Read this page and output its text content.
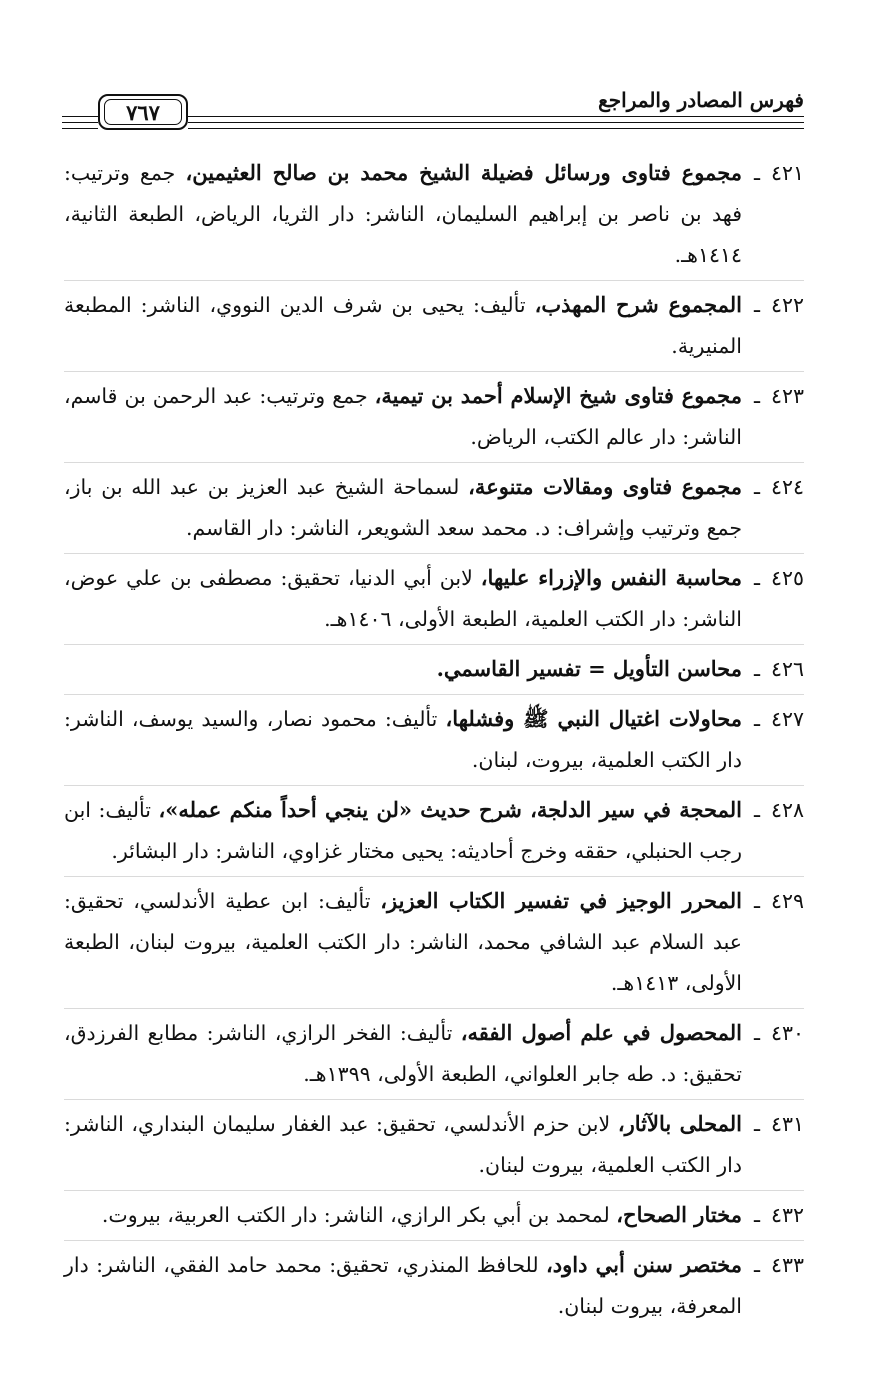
فهرس المصادر والمراجع
٧٦٧
٤٢١ـمجموع فتاوى ورسائل فضيلة الشيخ محمد بن صالح العثيمين، جمع وترتيب: فهد بن ناصر بن إبراهيم السليمان، الناشر: دار الثريا، الرياض، الطبعة الثانية، ١٤١٤هـ.
٤٢٢ـالمجموع شرح المهذب، تأليف: يحيى بن شرف الدين النووي، الناشر: المطبعة المنيرية.
٤٢٣ـمجموع فتاوى شيخ الإسلام أحمد بن تيمية، جمع وترتيب: عبد الرحمن بن قاسم، الناشر: دار عالم الكتب، الرياض.
٤٢٤ـمجموع فتاوى ومقالات متنوعة، لسماحة الشيخ عبد العزيز بن عبد الله بن باز، جمع وترتيب وإشراف: د. محمد سعد الشويعر، الناشر: دار القاسم.
٤٢٥ـمحاسبة النفس والإزراء عليها، لابن أبي الدنيا، تحقيق: مصطفى بن علي عوض، الناشر: دار الكتب العلمية، الطبعة الأولى، ١٤٠٦هـ.
٤٢٦ـمحاسن التأويل = تفسير القاسمي.
٤٢٧ـمحاولات اغتيال النبي ﷺ وفشلها، تأليف: محمود نصار، والسيد يوسف، الناشر: دار الكتب العلمية، بيروت، لبنان.
٤٢٨ـالمحجة في سير الدلجة، شرح حديث «لن ينجي أحداً منكم عمله»، تأليف: ابن رجب الحنبلي، حققه وخرج أحاديثه: يحيى مختار غزاوي، الناشر: دار البشائر.
٤٢٩ـالمحرر الوجيز في تفسير الكتاب العزيز، تأليف: ابن عطية الأندلسي، تحقيق: عبد السلام عبد الشافي محمد، الناشر: دار الكتب العلمية، بيروت لبنان، الطبعة الأولى، ١٤١٣هـ.
٤٣٠ـالمحصول في علم أصول الفقه، تأليف: الفخر الرازي، الناشر: مطابع الفرزدق، تحقيق: د. طه جابر العلواني، الطبعة الأولى، ١٣٩٩هـ.
٤٣١ـالمحلى بالآثار، لابن حزم الأندلسي، تحقيق: عبد الغفار سليمان البنداري، الناشر: دار الكتب العلمية، بيروت لبنان.
٤٣٢ـمختار الصحاح، لمحمد بن أبي بكر الرازي، الناشر: دار الكتب العربية، بيروت.
٤٣٣ـمختصر سنن أبي داود، للحافظ المنذري، تحقيق: محمد حامد الفقي، الناشر: دار المعرفة، بيروت لبنان.
